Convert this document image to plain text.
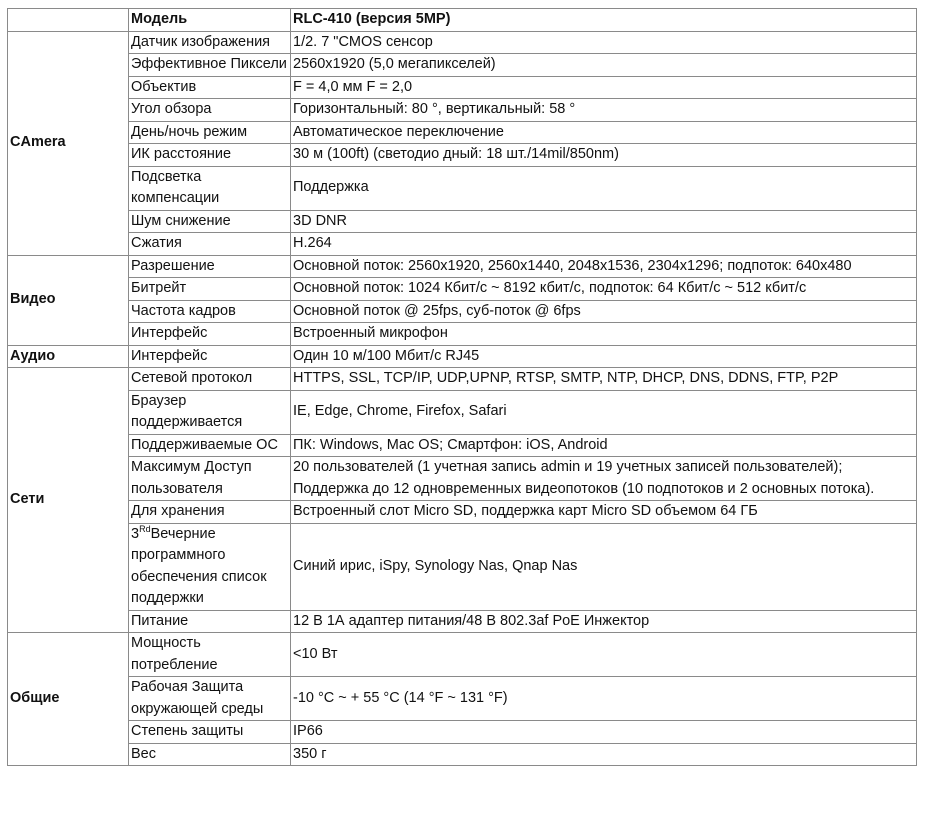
	Модель	RLC-410 (версия 5MP)
CAmera	Датчик изображения	1/2. 7 "CMOS сенсор
	Эффективное Пиксели	2560x1920 (5,0 мегапикселей)
	Объектив	F = 4,0 мм F = 2,0
	Угол обзора	Горизонтальный: 80 °, вертикальный: 58 °
	День/ночь режим	Автоматическое переключение
	ИК расстояние	30 м (100ft) (светодио дный: 18 шт./14mil/850nm)
	Подсветка компенсации	Поддержка
	Шум снижение	3D DNR
	Сжатия	H.264
Видео	Разрешение	Основной поток: 2560x1920, 2560x1440, 2048x1536, 2304x1296; подпоток: 640x480
	Битрейт	Основной поток: 1024 Кбит/с ~ 8192 кбит/с, подпоток: 64 Кбит/с ~ 512 кбит/с
	Частота кадров	Основной поток @ 25fps, суб-поток @ 6fps
	Интерфейс	Встроенный микрофон
Аудио	Интерфейс	Один 10 м/100 Мбит/с RJ45
Сети	Сетевой протокол	HTTPS, SSL, TCP/IP, UDP,UPNP, RTSP, SMTP, NTP, DHCP, DNS, DDNS, FTP, P2P
	Браузер поддерживается	IE, Edge, Chrome, Firefox, Safari
	Поддерживаемые ОС	ПК: Windows, Mac OS; Смартфон: iOS, Android
	Максимум Доступ пользователя	20 пользователей (1 учетная запись admin и 19 учетных записей пользователей); Поддержка до 12 одновременных видеопотоков (10 подпотоков и 2 основных потока).
	Для хранения	Встроенный слот Micro SD, поддержка карт Micro SD объемом 64 ГБ
	3RdВечерние программного обеспечения список поддержки	Синий ирис, iSpy, Synology Nas, Qnap Nas
	Питание	12 В 1А адаптер питания/48 В 802.3af PoE Инжектор
Общие	Мощность потребление	<10 Вт
	Рабочая Защита окружающей среды	-10 °C ~ + 55 °C (14 °F ~ 131 °F)
	Степень защиты	IP66
	Вес	350 г
